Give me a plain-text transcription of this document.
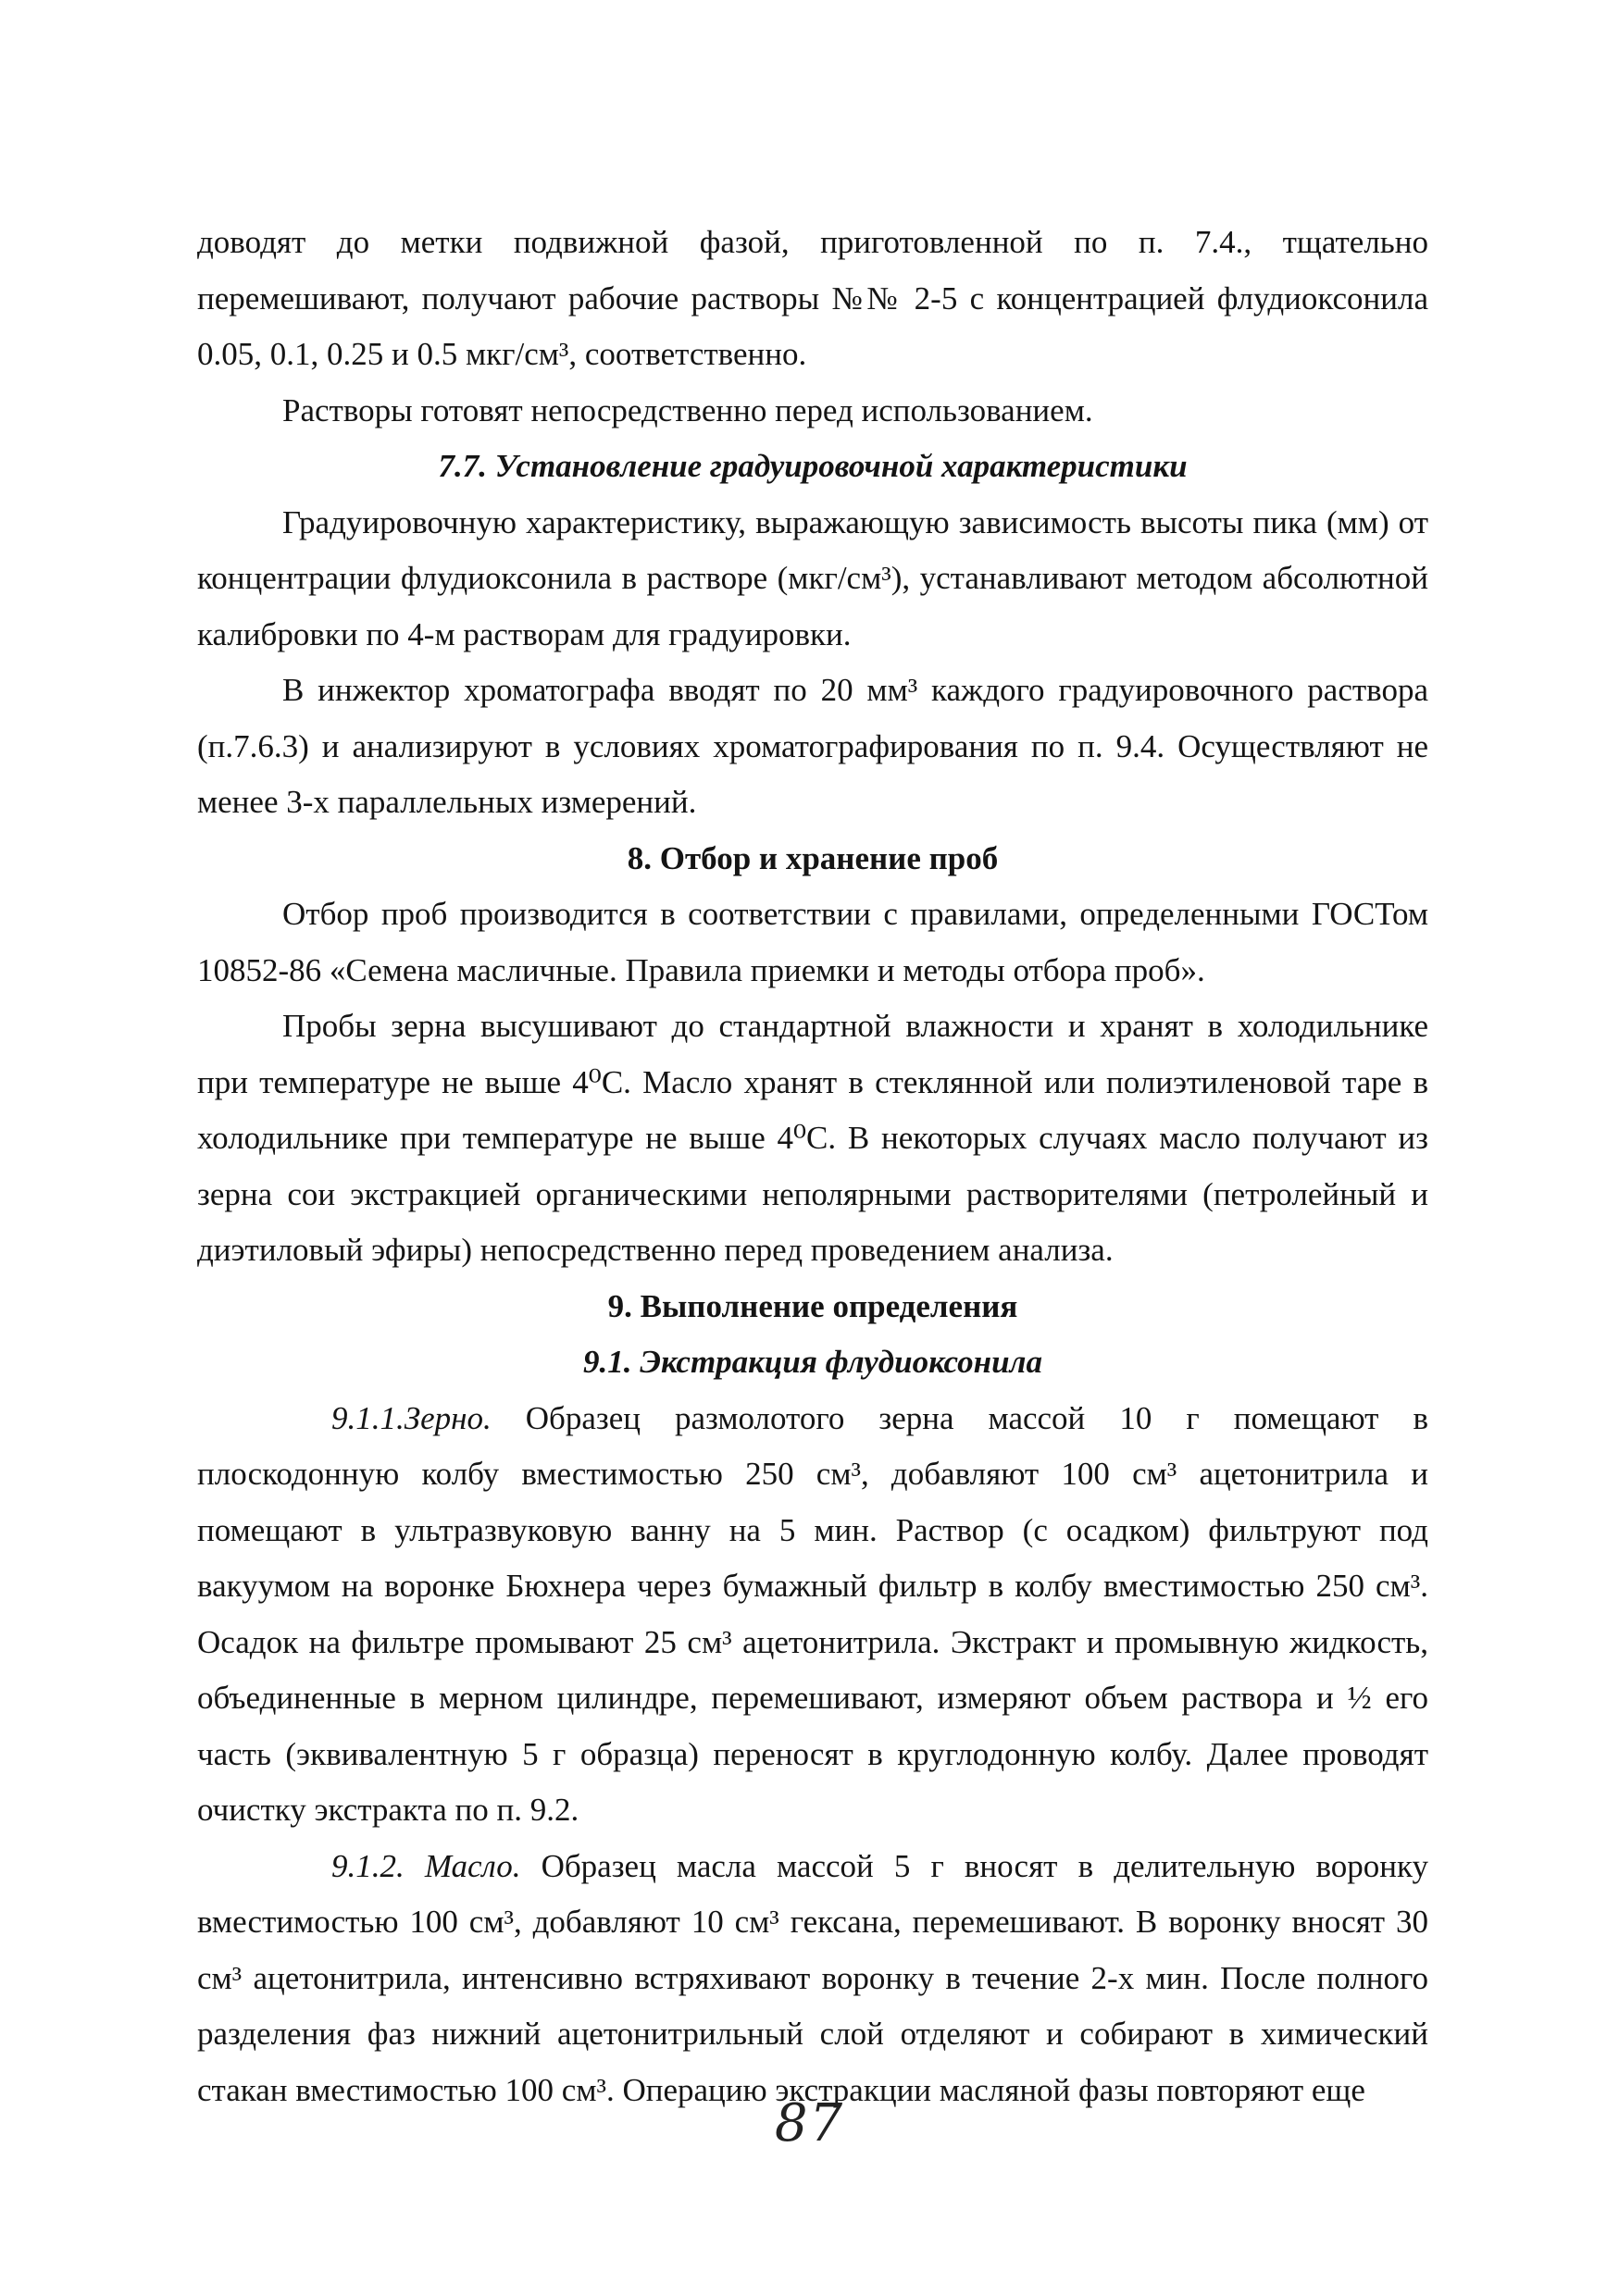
доводят до метки подвижной фазой, приготовленной по п. 7.4., тщательно перемешивают, получают рабочие растворы №№ 2-5 с концентрацией флудиоксонила 0.05, 0.1, 0.25 и 0.5 мкг/см³, соответственно.

Растворы готовят непосредственно перед использованием.

7.7. Установление градуировочной характеристики

Градуировочную характеристику, выражающую зависимость высоты пика (мм) от концентрации флудиоксонила в растворе (мкг/см³), устанавливают методом абсолютной калибровки по 4-м растворам для градуировки.

В инжектор хроматографа вводят по 20 мм³ каждого градуировочного раствора (п.7.6.3) и анализируют в условиях хроматографирования по п. 9.4. Осуществляют не менее 3-х параллельных измерений.

8. Отбор и хранение проб

Отбор проб производится в соответствии с правилами, определенными ГОСТом 10852-86 «Семена масличные. Правила приемки и методы отбора проб».

Пробы зерна высушивают до стандартной влажности и хранят в холодильнике при температуре не выше 4⁰С. Масло хранят в стеклянной или полиэтиленовой таре в холодильнике при температуре не выше 4⁰С. В некоторых случаях масло получают из зерна сои экстракцией органическими неполярными растворителями (петролейный и диэтиловый эфиры) непосредственно перед проведением анализа.

9. Выполнение определения

9.1. Экстракция флудиоксонила

9.1.1.Зерно. Образец размолотого зерна массой 10 г помещают в плоскодонную колбу вместимостью 250 см³, добавляют 100 см³ ацетонитрила и помещают в ультразвуковую ванну на 5 мин. Раствор (с осадком) фильтруют под вакуумом на воронке Бюхнера через бумажный фильтр в колбу вместимостью 250 см³. Осадок на фильтре промывают 25 см³ ацетонитрила. Экстракт и промывную жидкость, объединенные в мерном цилиндре, перемешивают, измеряют объем раствора и ½ его часть (эквивалентную 5 г образца) переносят в круглодонную колбу. Далее проводят очистку экстракта по п. 9.2.

9.1.2. Масло. Образец масла массой 5 г вносят в делительную воронку вместимостью 100 см³, добавляют 10 см³ гексана, перемешивают. В воронку вносят 30 см³ ацетонитрила, интенсивно встряхивают воронку в течение 2-х мин. После полного разделения фаз нижний ацетонитрильный слой отделяют и собирают в химический стакан вместимостью 100 см³. Операцию экстракции масляной фазы повторяют еще

87
